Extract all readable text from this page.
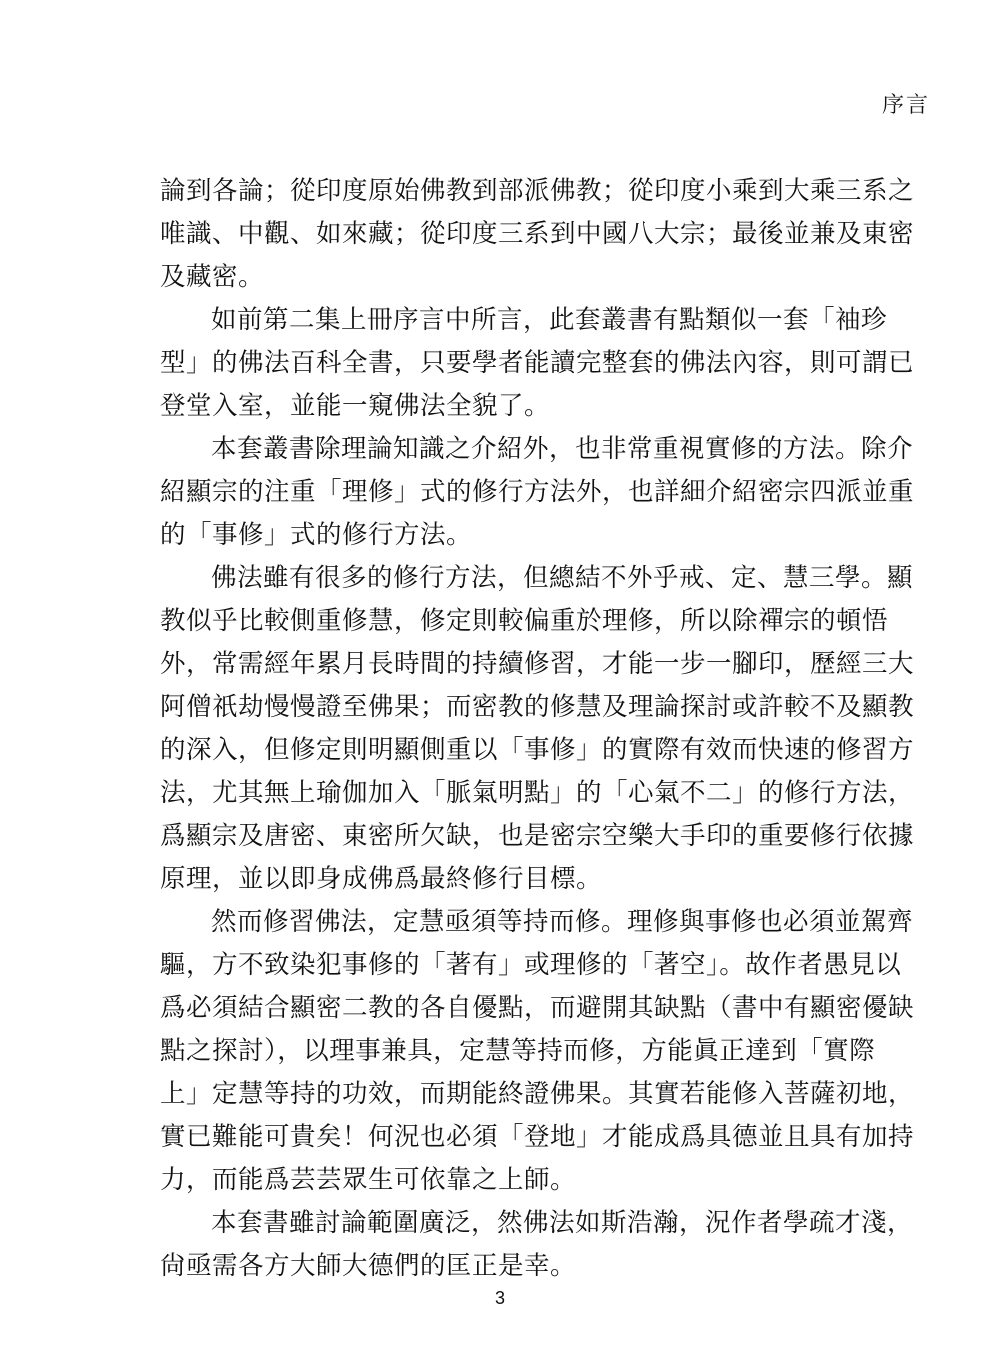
序言
論到各論；從印度原始佛教到部派佛教；從印度小乘到大乘三系之
唯識、中觀、如來藏；從印度三系到中國八大宗；最後並兼及東密
及藏密。
如前第二集上冊序言中所言，此套叢書有點類似一套「袖珍
型」的佛法百科全書，只要學者能讀完整套的佛法內容，則可謂已
登堂入室，並能一窺佛法全貌了。
本套叢書除理論知識之介紹外，也非常重視實修的方法。除介
紹顯宗的注重「理修」式的修行方法外，也詳細介紹密宗四派並重
的「事修」式的修行方法。
佛法雖有很多的修行方法，但總結不外乎戒、定、慧三學。顯
教似乎比較側重修慧，修定則較偏重於理修，所以除禪宗的頓悟
外，常需經年累月長時間的持續修習，才能一步一腳印，歷經三大
阿僧祇劫慢慢證至佛果；而密教的修慧及理論探討或許較不及顯教
的深入，但修定則明顯側重以「事修」的實際有效而快速的修習方
法，尤其無上瑜伽加入「脈氣明點」的「心氣不二」的修行方法，
爲顯宗及唐密、東密所欠缺，也是密宗空樂大手印的重要修行依據
原理，並以即身成佛爲最終修行目標。
然而修習佛法，定慧亟須等持而修。理修與事修也必須並駕齊
驅，方不致染犯事修的「著有」或理修的「著空」。故作者愚見以
爲必須結合顯密二教的各自優點，而避開其缺點（書中有顯密優缺
點之探討），以理事兼具，定慧等持而修，方能眞正達到「實際
上」定慧等持的功效，而期能終證佛果。其實若能修入菩薩初地，
實已難能可貴矣！何況也必須「登地」才能成爲具德並且具有加持
力，而能爲芸芸眾生可依靠之上師。
本套書雖討論範圍廣泛，然佛法如斯浩瀚，況作者學疏才淺，
尙亟需各方大師大德們的匡正是幸。
3
